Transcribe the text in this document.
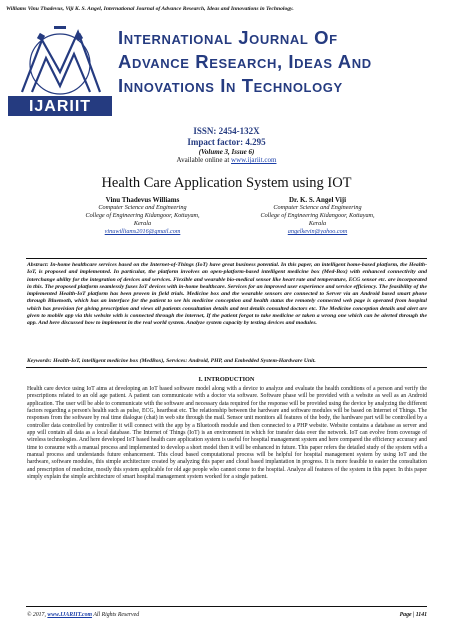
Williams Vinu Thadevus, Viji K. S. Angel, International Journal of Advance Research, Ideas and Innovations in Technology.
IJARIIT
International Journal Of
Advance Research, Ideas And
Innovations In Technology
ISSN: 2454-132X
Impact factor: 4.295
(Volume 3, Issue 6)
Available online at www.ijariit.com
Health Care Application System using IOT
Vinu Thadevus Williams
Computer Science and Engineering
College of Engineering Kidangoor, Kottayam,
Kerala
vinuwilliams2016@gmail.com
Dr. K. S. Angel Viji
Computer Science and Engineering
College of Engineering Kidangoor, Kottayam,
Kerala
angelkevin@yahoo.com
Abstract: In-home healthcare services based on the Internet-of-Things (IoT) have great business potential. In this paper, an intelligent home-based platform, the Health-IoT, is proposed and implemented. In particular, the platform involves an open-platform-based intelligent medicine box (Med-Box) with enhanced connectivity and interchange ability for the integration of devices and services. Flexible and wearable bio-medical sensor like heart rate and temperature, ECG sensor etc. are incorporated in this. The proposed platform seamlessly fuses IoT devices with in-home healthcare. Services for an improved user experience and service efficiency. The feasibility of the implemented Health-IoT platform has been proven in field trials. Medicine box and the wearable sensors are connected to Server via an Android based smart phone through Bluetooth, which has an interface for the patient to see his medicine conception and health status the remotely connected web page is operated from hospital which has provision for giving prescription and views all patients consultation details and test details consulted doctors etc. The Medicine conception details and alert are given to mobile app via this website with is connected through the internet, If the patient forgot to take medicine or taken a wrong one which can be alerted through the app. And here discussed how to implement in the real world system. Analyze system capacity by testing devices and modules.
Keywords: Health-IoT, intelligent medicine box (MedBox), Services: Android, PHP, and Embedded System-Hardware Unit.
I. INTRODUCTION
Health care device using IoT aims at developing an IoT based software model along with a device to analyze and evaluate the health conditions of a person and verify the prescriptions related to an old age patient. A patient can communicate with a doctor via software. Software phase will be provided with a website as well as an Android application. The user will be able to communicate with the software and necessary data required for the response will be provided using the device by analyzing the different factors regarding a person's health such as pulse, ECG, heartbeat etc. The relationship between the hardware and software modules will be based on Internet of Things. The responses from the software by real time dialogue (chat) in web site through the mail. Sensor unit monitors all features of the body, the hardware part will be controlled by a controller data controlled by controller it will connect with the app by a Bluetooth module and then connected to a PHP website. Website contains a database as server and app will contain all data as a local database. The Internet of Things (IoT) is an environment in which for transfer data over the network. IoT can evolve from coverage of wireless technologies. And here developed IoT based health care application system is useful for hospital management system and here compared the efficiency accuracy and time to consume with a manual process and implemented to develop a short model then it will be enhanced in future. This paper refers the detailed study of the system with a manual process and understands future enhancement. This cloud based computational process will be helpful for hospital management system by using IoT and the hardware, software modules, this simple architecture created by analyzing this paper and cloud based implantation in progress. It is more feasible to easier the consultation and prescription of medicine, mostly this system applicable for old age people who cannot come to the hospital. Analyze all features of the system in this paper. In this paper simply explain the simple architecture of smart hospital management system worked for a single patient.
© 2017, www.IJARIIT.com All Rights Reserved	Page | 1141
